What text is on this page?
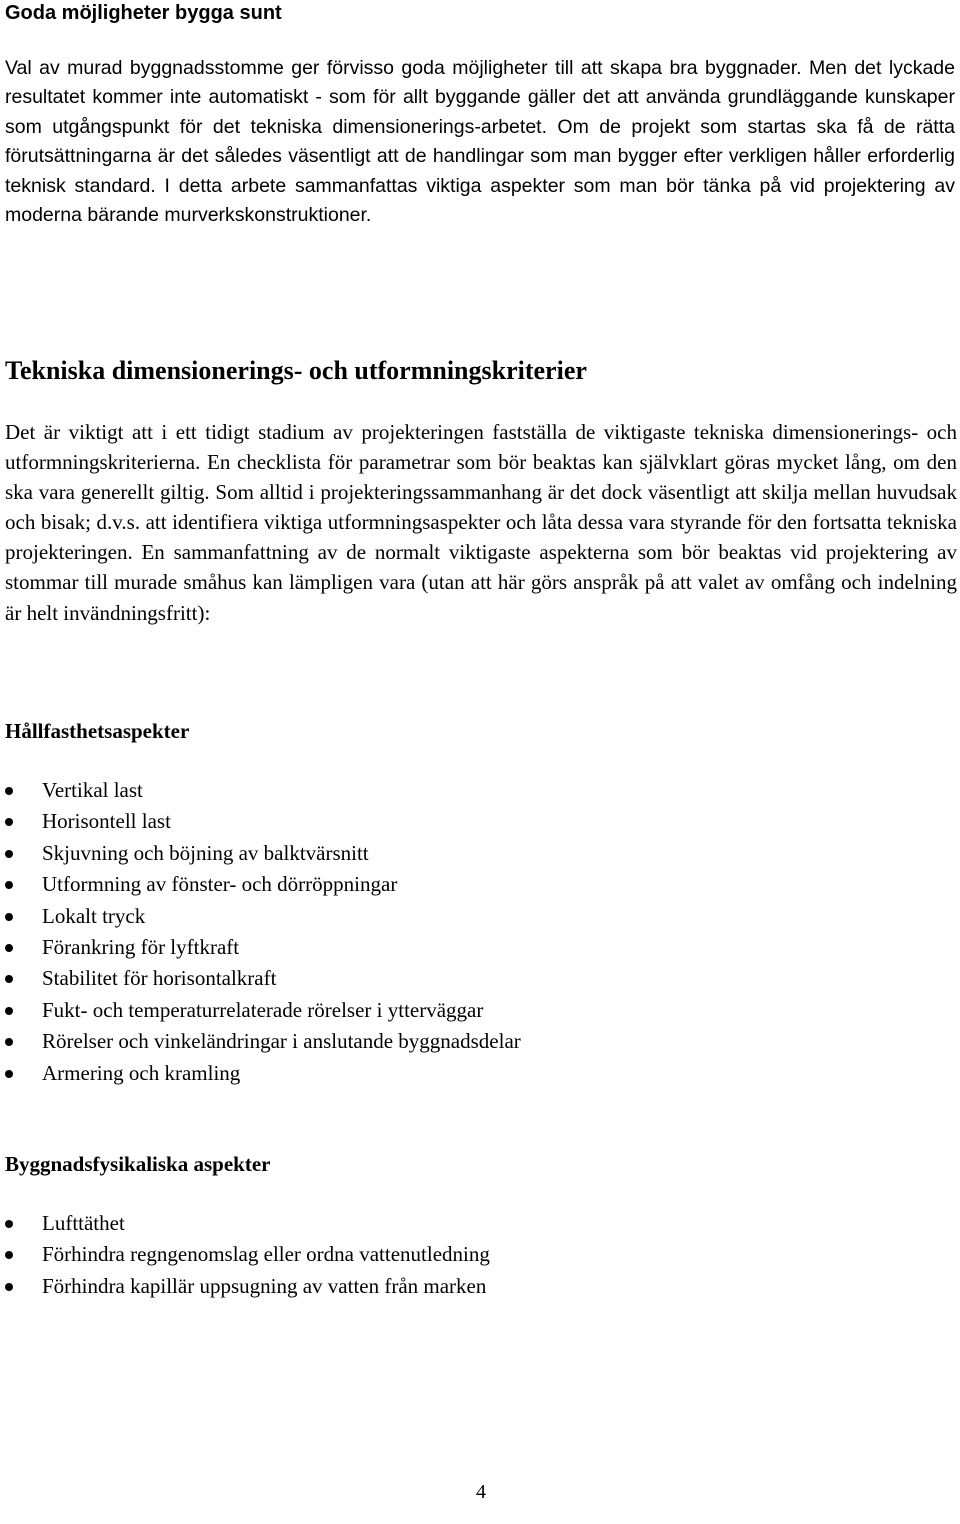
Goda möjligheter bygga sunt

Val av murad byggnadsstomme ger förvisso goda möjligheter till att skapa bra byggnader. Men det lyckade resultatet kommer inte automatiskt - som för allt byggande gäller det att använda grundläggande kunskaper som utgångspunkt för det tekniska dimensionerings-arbetet. Om de projekt som startas ska få de rätta förutsättningarna är det således väsentligt att de handlingar som man bygger efter verkligen håller erforderlig teknisk standard. I detta arbete sammanfattas viktiga aspekter som man bör tänka på vid projektering av moderna bärande murverkskonstruktioner.

Tekniska dimensionerings- och utformningskriterier

Det är viktigt att i ett tidigt stadium av projekteringen fastställa de viktigaste tekniska dimensionerings- och utformningskriterierna. En checklista för parametrar som bör beaktas kan självklart göras mycket lång, om den ska vara generellt giltig. Som alltid i projekteringssammanhang är det dock väsentligt att skilja mellan huvudsak och bisak; d.v.s. att identifiera viktiga utformningsaspekter och låta dessa vara styrande för den fortsatta tekniska projekteringen. En sammanfattning av de normalt viktigaste aspekterna som bör beaktas vid projektering av stommar till murade småhus kan lämpligen vara (utan att här görs anspråk på att valet av omfång och indelning är helt invändningsfritt):

Hållfasthetsaspekter
Vertikal last
Horisontell last
Skjuvning och böjning av balktvärsnitt
Utformning av fönster- och dörröppningar
Lokalt tryck
Förankring för lyftkraft
Stabilitet för horisontalkraft
Fukt- och temperaturrelaterade rörelser i ytterväggar
Rörelser och vinkeländringar i anslutande byggnadsdelar
Armering och kramling
Byggnadsfysikaliska aspekter
Lufttäthet
Förhindra regngenomslag eller ordna vattenutledning
Förhindra kapillär uppsugning av vatten från marken
4
